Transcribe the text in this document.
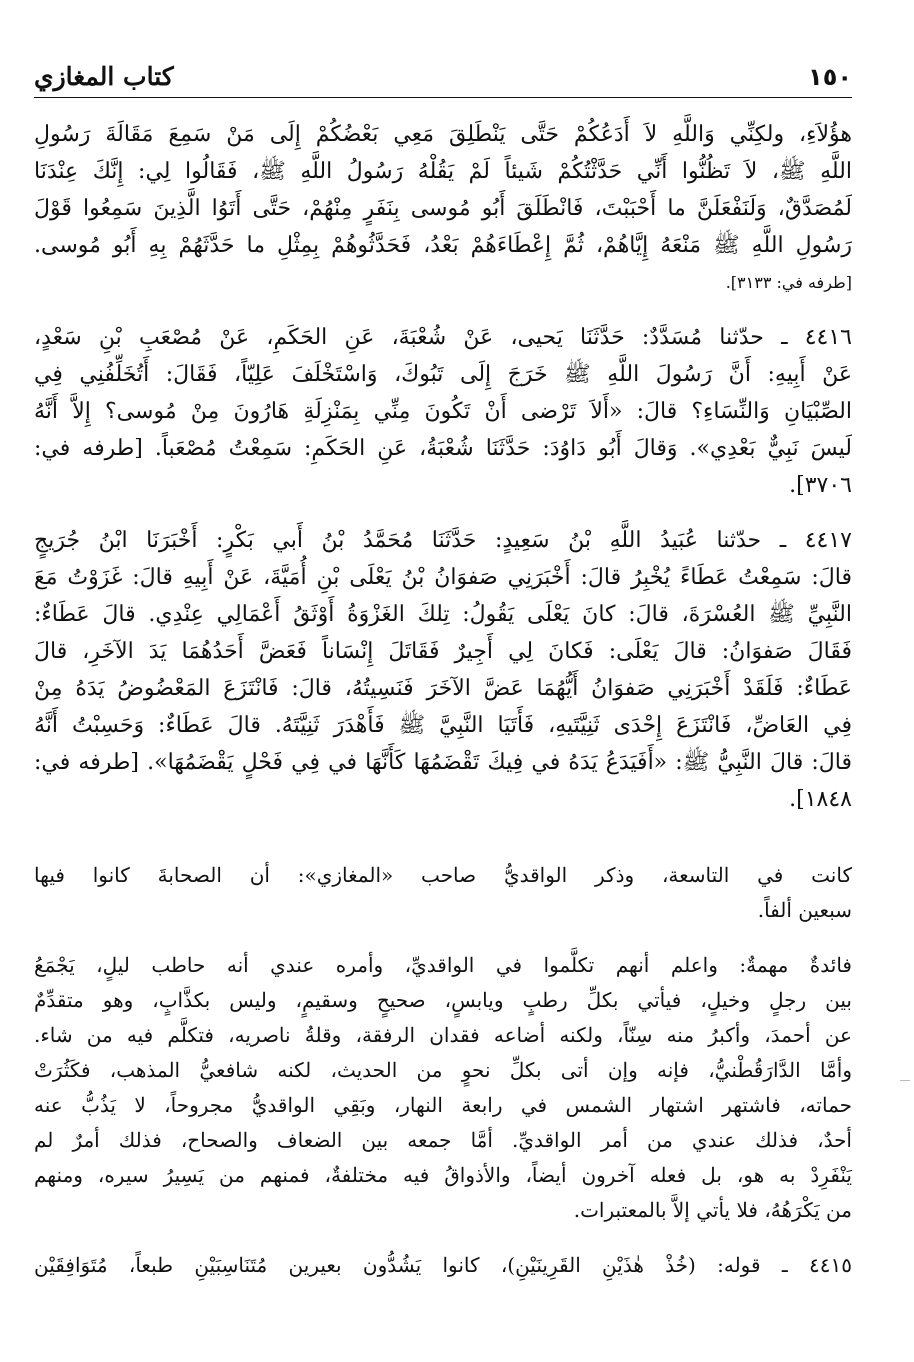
١٥٠
كتاب المغازي
هؤُلاَءِ، ولكِنِّي وَاللَّهِ لاَ أَدَعُكُمْ حَتَّى يَنْطَلِقَ مَعِي بَعْضُكُمْ إِلَى مَنْ سَمِعَ مَقَالَةَ رَسُولِ
اللَّهِ ﷺ، لاَ تَظُنُّوا أَنِّي حَدَّثْتُكُمْ شَيئاً لَمْ يَقُلْهُ رَسُولُ اللَّهِ ﷺ، فَقَالُوا لِي: إِنَّكَ عِنْدَنَا
لَمُصَدَّقٌ، وَلَنَفْعَلَنَّ ما أَحْبَبْتَ، فَانْطَلَقَ أَبُو مُوسى بِنَفَرٍ مِنْهُمْ، حَتَّى أَتَوُا الَّذِينَ سَمِعُوا قَوْلَ
رَسُولِ اللَّهِ ﷺ مَنْعَهُ إِيَّاهُمْ، ثُمَّ إِعْطَاءَهُمْ بَعْدُ، فَحَدَّثُوهُمْ بِمِثْلِ ما حَدَّثَهُمْ بِهِ أَبُو مُوسى.
[طرفه في: ٣١٣٣].
٤٤١٦ ـ حدّثنا مُسَدَّدٌ: حَدَّثَنَا يَحيى، عَنْ شُعْبَةَ، عَنِ الحَكَمِ، عَنْ مُصْعَبِ بْنِ سَعْدٍ،
عَنْ أَبِيهِ: أَنَّ رَسُولَ اللَّهِ ﷺ خَرَجَ إِلَى تَبُوكَ، وَاسْتَخْلَفَ عَلِيّاً، فَقَالَ: أَتُخَلِّفُنِي فِي
الصِّبْيَانِ وَالنِّسَاءِ؟ قالَ: «أَلاَ تَرْضى أَنْ تَكُونَ مِنِّي بِمَنْزِلَةِ هَارُونَ مِنْ مُوسى؟ إِلاَّ أَنَّهُ
لَيسَ نَبِيٌّ بَعْدِي». وَقالَ أَبُو دَاوُدَ: حَدَّثَنَا شُعْبَةُ، عَنِ الحَكَمِ: سَمِعْتُ مُصْعَباً. [طرفه في:
٣٧٠٦].
٤٤١٧ ـ حدّثنا عُبَيدُ اللَّهِ بْنُ سَعِيدٍ: حَدَّثَنَا مُحَمَّدُ بْنُ أَبي بَكْرٍ: أَخْبَرَنَا ابْنُ جُرَيجٍ
قالَ: سَمِعْتُ عَطَاءً يُخْبِرُ قالَ: أَخْبَرَنِي صَفوَانُ بْنُ يَعْلَى بْنِ أُمَيَّةَ، عَنْ أَبِيهِ قالَ: غَزَوْتُ مَعَ
النَّبِيِّ ﷺ العُسْرَةَ، قالَ: كانَ يَعْلَى يَقُولُ: تِلكَ الغَزْوَةُ أَوْثَقُ أَعْمَالِي عِنْدِي. قالَ عَطَاءٌ:
فَقَالَ صَفوَانُ: قالَ يَعْلَى: فَكانَ لِي أَجِيرٌ فَقَاتَلَ إِنْسَاناً فَعَضَّ أَحَدُهُمَا يَدَ الآخَرِ، قالَ
عَطَاءٌ: فَلَقَدْ أَخْبَرَنِي صَفوَانُ أَيُّهُمَا عَضَّ الآخَرَ فَنَسِيتُهُ، قالَ: فَانْتَزَعَ المَعْضُوضُ يَدَهُ مِنْ
فِي العَاضِّ، فَانْتَزَعَ إِحْدَى ثَنِيَّتَيهِ، فَأَتَيَا النَّبِيَّ ﷺ فَأَهْدَرَ ثَنِيَّتَهُ. قالَ عَطَاءٌ: وَحَسِبْتُ أَنَّهُ
قالَ: قالَ النَّبِيُّ ﷺ: «أَفَيَدَعُ يَدَهُ في فِيكَ تَقْضَمُهَا كَأَنَّهَا في فِي فَحْلٍ يَقْضَمُهَا». [طرفه في:
١٨٤٨].
كانت في التاسعة، وذكر الواقديُّ صاحب «المغازي»: أن الصحابةَ كانوا فيها
سبعين ألفاً.
فائدةٌ مهمةٌ: واعلم أنهم تكلَّموا في الواقديِّ، وأمره عندي أنه حاطب ليلٍ، يَجْمَعُ
بين رجلٍ وخيلٍ، فيأتي بكلِّ رطبٍ ويابسٍ، صحيحٍ وسقيمٍ، وليس بكذَّابٍ، وهو متقدِّمٌ
عن أحمدَ، وأكبرُ منه سِنّاً، ولكنه أضاعه فقدان الرفقة، وقلةُ ناصريه، فتكلَّم فيه من شاء.
وأمَّا الدَّارَقُطْنيُّ، فإنه وإن أتى بكلِّ نحوٍ من الحديث، لكنه شافعيُّ المذهب، فكَثُرَتْ
حماته، فاشتهر اشتهار الشمس في رابعة النهار، وبَقِي الواقديُّ مجروحاً، لا يَذُبُّ عنه
أحدٌ، فذلك عندي من أمر الواقديِّ. أمَّا جمعه بين الضعاف والصحاح، فذلك أمرٌ لم
يَنْفَرِدْ به هو، بل فعله آخرون أيضاً، والأذواقُ فيه مختلفةٌ، فمنهم من يَسِيرُ سيره، ومنهم
من يَكْرَهُهُ، فلا يأتي إلاَّ بالمعتبرات.
٤٤١٥ ـ قوله: (خُذْ هٰذَيْنِ القَرِينَيْنِ)، كانوا يَشُدُّون بعيرين مُتَنَاسِبَيْنِ طبعاً، مُتَوَافِقَيْن
